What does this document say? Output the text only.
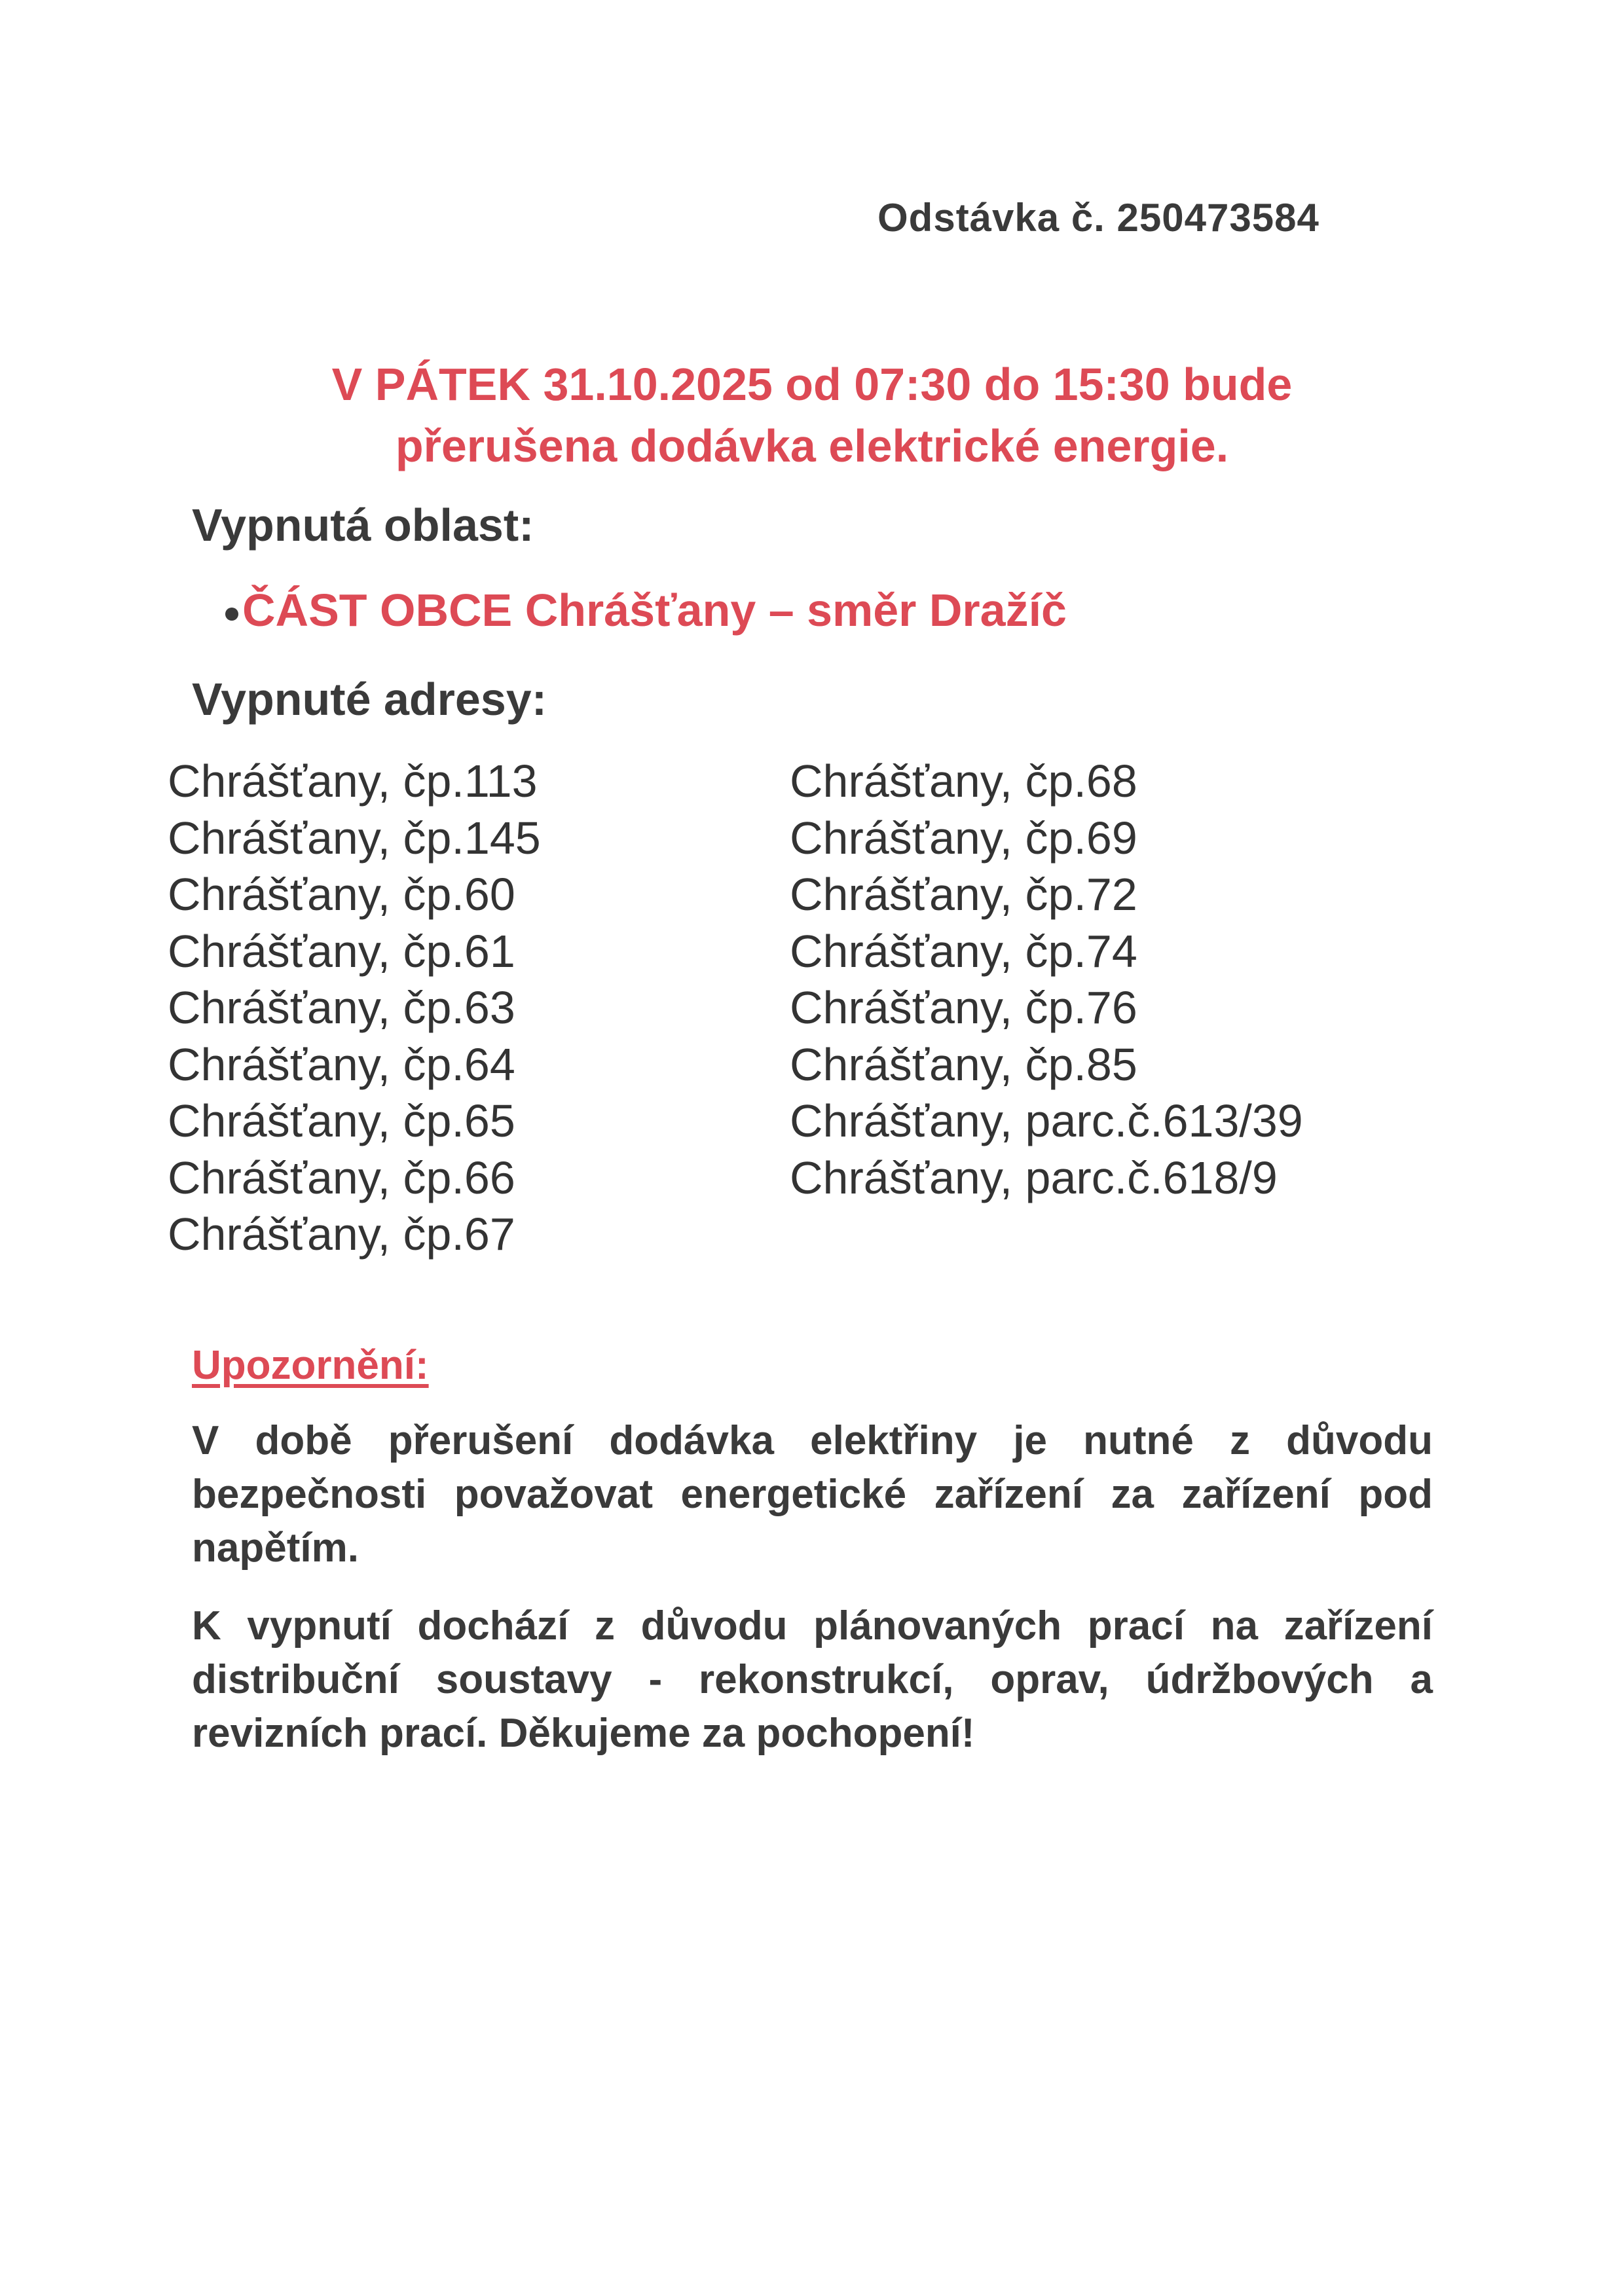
Odstávka č. 250473584
V PÁTEK 31.10.2025 od 07:30 do 15:30 bude
přerušena dodávka elektrické energie.
Vypnutá oblast:
ČÁST OBCE Chrášťany – směr Dražíč
Vypnuté adresy:
Chrášťany, čp.113
Chrášťany, čp.145
Chrášťany, čp.60
Chrášťany, čp.61
Chrášťany, čp.63
Chrášťany, čp.64
Chrášťany, čp.65
Chrášťany, čp.66
Chrášťany, čp.67
Chrášťany, čp.68
Chrášťany, čp.69
Chrášťany, čp.72
Chrášťany, čp.74
Chrášťany, čp.76
Chrášťany, čp.85
Chrášťany, parc.č.613/39
Chrášťany, parc.č.618/9
Upozornění:
V době přerušení dodávka elektřiny je nutné z důvodu bezpečnosti považovat energetické zařízení za zařízení pod napětím.
K vypnutí dochází z důvodu plánovaných prací na zařízení distribuční soustavy - rekonstrukcí, oprav, údržbových a revizních prací. Děkujeme za pochopení!
